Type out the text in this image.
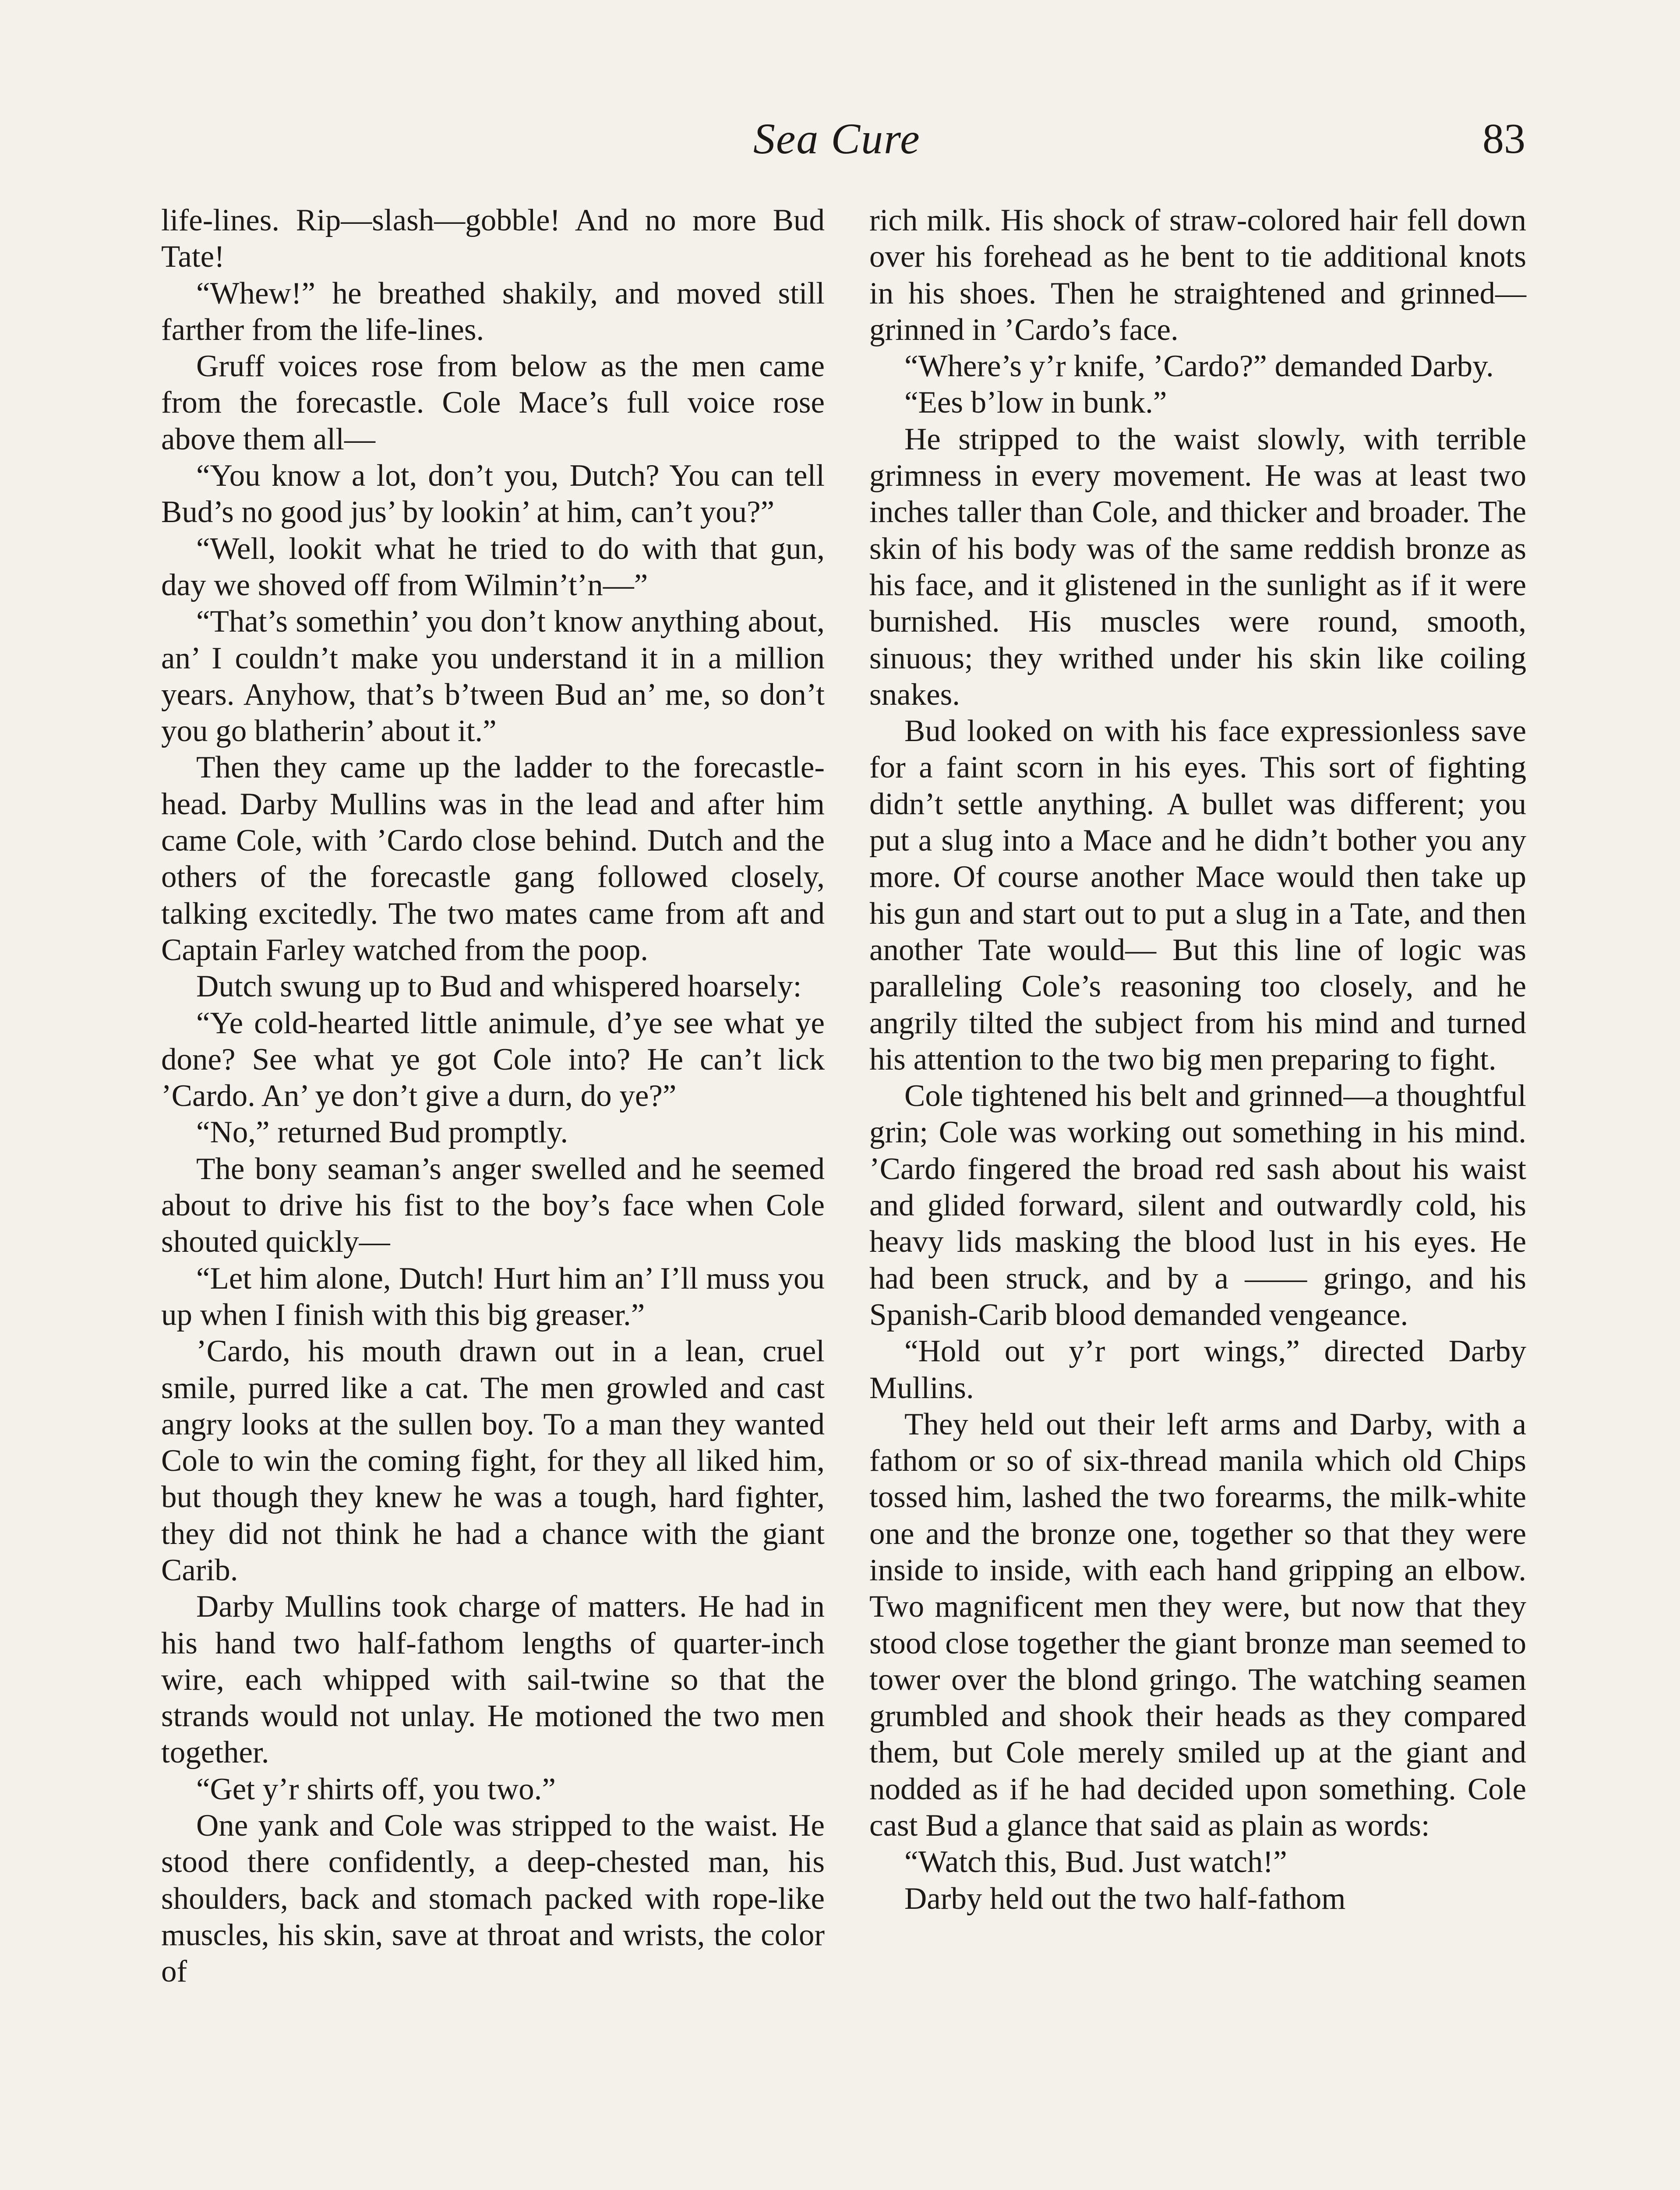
Sea Cure	83

life-lines. Rip—slash—gobble! And no more Bud Tate!

“Whew!” he breathed shakily, and moved still farther from the life-lines.

Gruff voices rose from below as the men came from the forecastle. Cole Mace’s full voice rose above them all—

“You know a lot, don’t you, Dutch? You can tell Bud’s no good jus’ by lookin’ at him, can’t you?”

“Well, lookit what he tried to do with that gun, day we shoved off from Wilmin’t’n—”

“That’s somethin’ you don’t know anything about, an’ I couldn’t make you understand it in a million years. Anyhow, that’s b’tween Bud an’ me, so don’t you go blatherin’ about it.”

Then they came up the ladder to the forecastle-head. Darby Mullins was in the lead and after him came Cole, with ’Cardo close behind. Dutch and the others of the forecastle gang followed closely, talking excitedly. The two mates came from aft and Captain Farley watched from the poop.

Dutch swung up to Bud and whispered hoarsely:

“Ye cold-hearted little animule, d’ye see what ye done? See what ye got Cole into? He can’t lick ’Cardo. An’ ye don’t give a durn, do ye?”

“No,” returned Bud promptly.

The bony seaman’s anger swelled and he seemed about to drive his fist to the boy’s face when Cole shouted quickly—

“Let him alone, Dutch! Hurt him an’ I’ll muss you up when I finish with this big greaser.”

’Cardo, his mouth drawn out in a lean, cruel smile, purred like a cat. The men growled and cast angry looks at the sullen boy. To a man they wanted Cole to win the coming fight, for they all liked him, but though they knew he was a tough, hard fighter, they did not think he had a chance with the giant Carib.

Darby Mullins took charge of matters. He had in his hand two half-fathom lengths of quarter-inch wire, each whipped with sail-twine so that the strands would not unlay. He motioned the two men together.

“Get y’r shirts off, you two.”

One yank and Cole was stripped to the waist. He stood there confidently, a deep-chested man, his shoulders, back and stomach packed with rope-like muscles, his skin, save at throat and wrists, the color of

rich milk. His shock of straw-colored hair fell down over his forehead as he bent to tie additional knots in his shoes. Then he straightened and grinned—grinned in ’Cardo’s face.

“Where’s y’r knife, ’Cardo?” demanded Darby.

“Ees b’low in bunk.”

He stripped to the waist slowly, with terrible grimness in every movement. He was at least two inches taller than Cole, and thicker and broader. The skin of his body was of the same reddish bronze as his face, and it glistened in the sunlight as if it were burnished. His muscles were round, smooth, sinuous; they writhed under his skin like coiling snakes.

Bud looked on with his face expressionless save for a faint scorn in his eyes. This sort of fighting didn’t settle anything. A bullet was different; you put a slug into a Mace and he didn’t bother you any more. Of course another Mace would then take up his gun and start out to put a slug in a Tate, and then another Tate would— But this line of logic was paralleling Cole’s reasoning too closely, and he angrily tilted the subject from his mind and turned his attention to the two big men preparing to fight.

Cole tightened his belt and grinned—a thoughtful grin; Cole was working out something in his mind. ’Cardo fingered the broad red sash about his waist and glided forward, silent and outwardly cold, his heavy lids masking the blood lust in his eyes. He had been struck, and by a —— gringo, and his Spanish-Carib blood demanded vengeance.

“Hold out y’r port wings,” directed Darby Mullins.

They held out their left arms and Darby, with a fathom or so of six-thread manila which old Chips tossed him, lashed the two forearms, the milk-white one and the bronze one, together so that they were inside to inside, with each hand gripping an elbow. Two magnificent men they were, but now that they stood close together the giant bronze man seemed to tower over the blond gringo. The watching seamen grumbled and shook their heads as they compared them, but Cole merely smiled up at the giant and nodded as if he had decided upon something. Cole cast Bud a glance that said as plain as words:

“Watch this, Bud. Just watch!”

Darby held out the two half-fathom
